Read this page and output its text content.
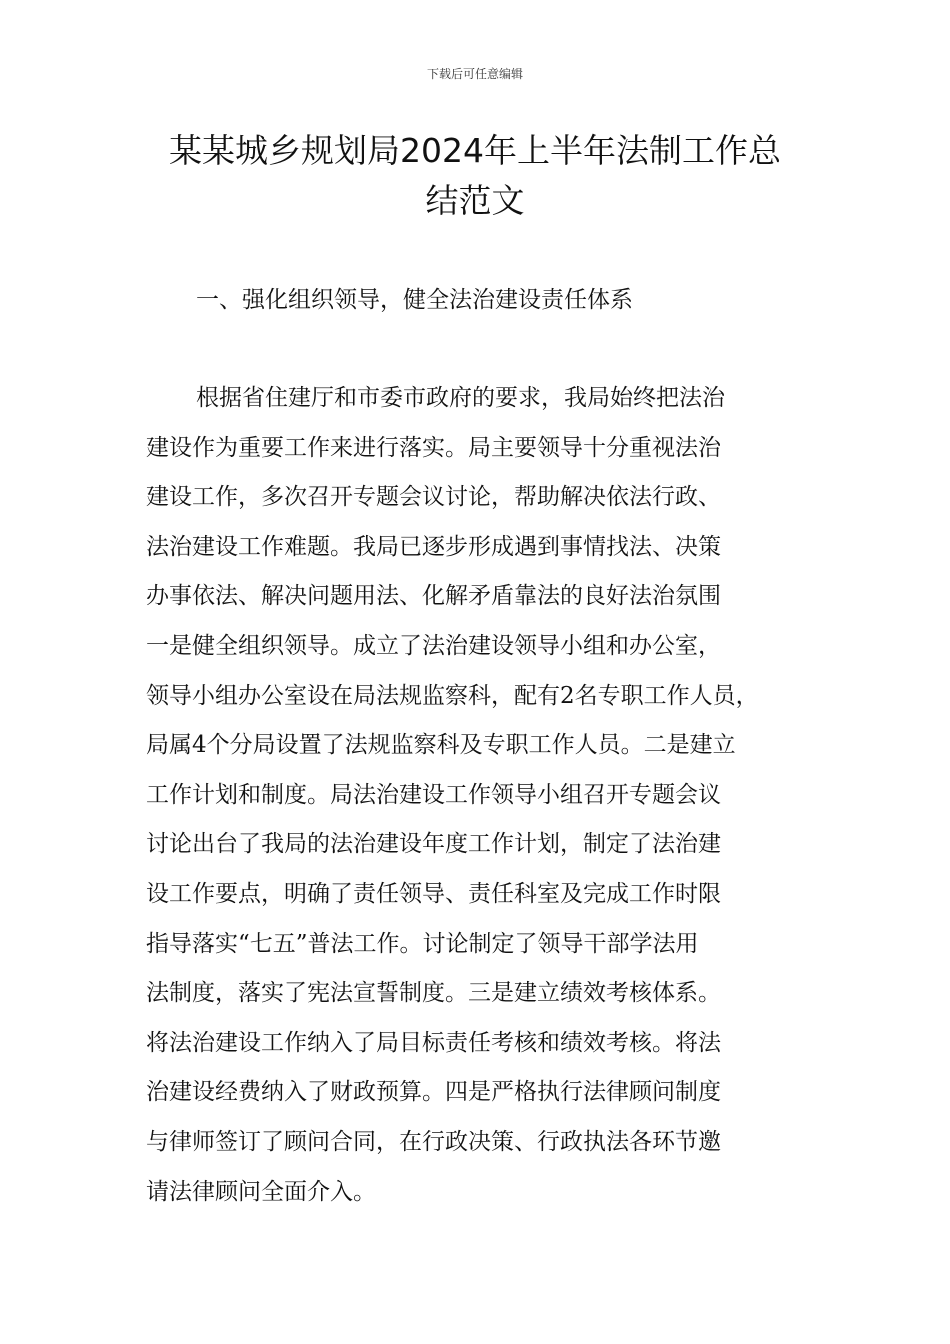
下载后可任意编辑
某某城乡规划局2024年上半年法制工作总
结范文
一、强化组织领导，健全法治建设责任体系
根据省住建厅和市委市政府的要求，我局始终把法治
建设作为重要工作来进行落实。局主要领导十分重视法治
建设工作，多次召开专题会议讨论，帮助解决依法行政、
法治建设工作难题。我局已逐步形成遇到事情找法、决策
办事依法、解决问题用法、化解矛盾靠法的良好法治氛围
一是健全组织领导。成立了法治建设领导小组和办公室，
领导小组办公室设在局法规监察科，配有2名专职工作人员，
局属4个分局设置了法规监察科及专职工作人员。二是建立
工作计划和制度。局法治建设工作领导小组召开专题会议
讨论出台了我局的法治建设年度工作计划，制定了法治建
设工作要点，明确了责任领导、责任科室及完成工作时限
指导落实“七五”普法工作。讨论制定了领导干部学法用
法制度，落实了宪法宣誓制度。三是建立绩效考核体系。
将法治建设工作纳入了局目标责任考核和绩效考核。将法
治建设经费纳入了财政预算。四是严格执行法律顾问制度
与律师签订了顾问合同，在行政决策、行政执法各环节邀
请法律顾问全面介入。
